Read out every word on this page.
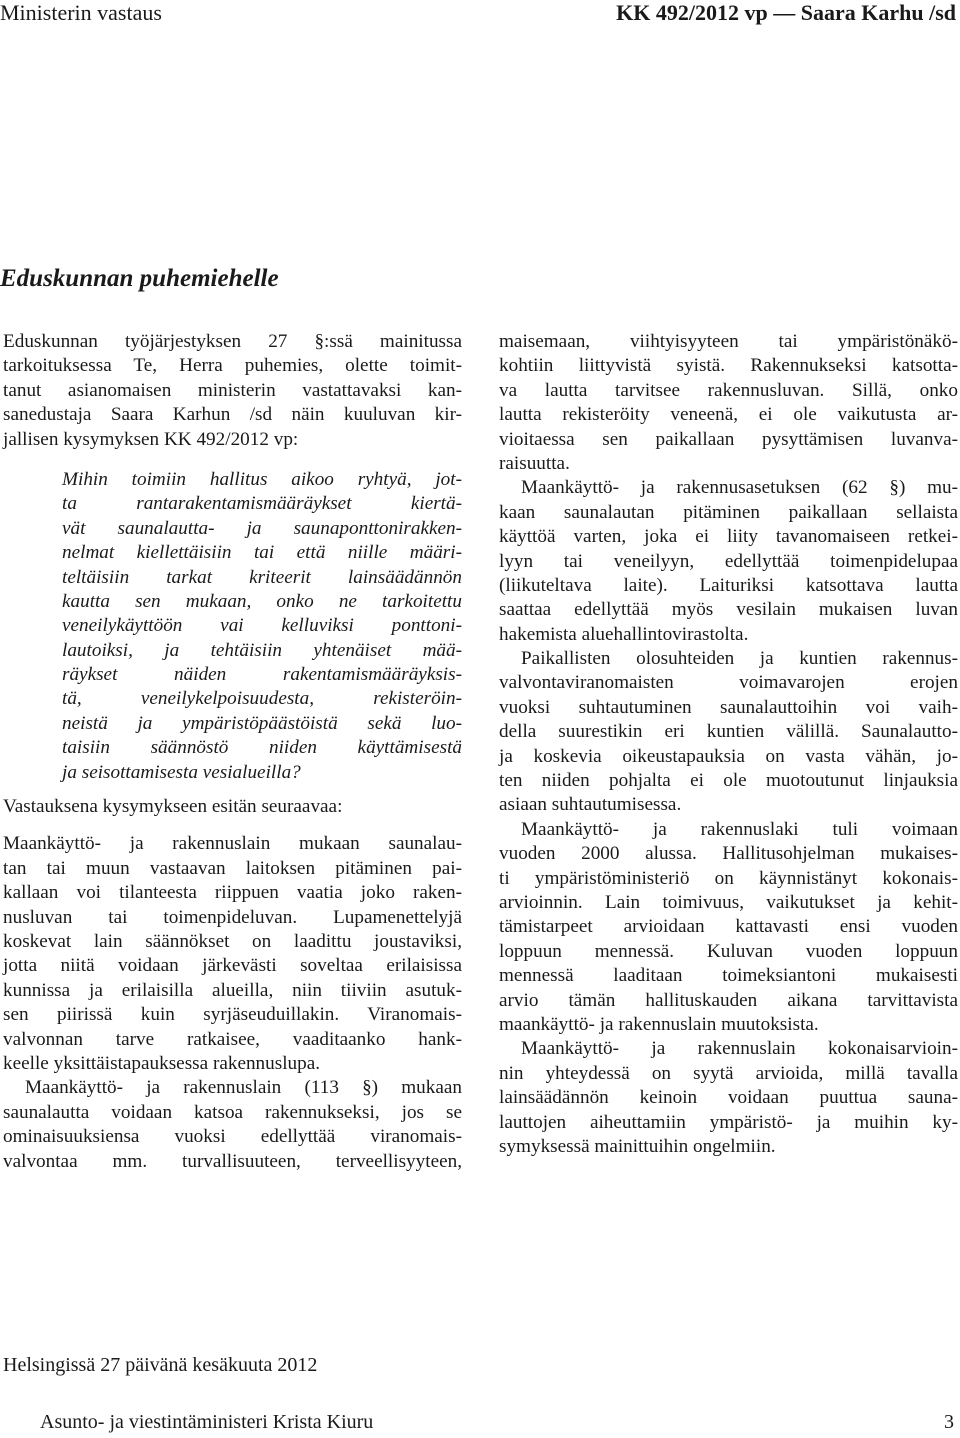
Ministerin vastaus	KK 492/2012 vp — Saara Karhu /sd
Eduskunnan puhemiehelle
Eduskunnan työjärjestyksen 27 §:ssä mainitussa
tarkoituksessa Te, Herra puhemies, olette toimit-
tanut asianomaisen ministerin vastattavaksi kan-
sanedustaja Saara Karhun /sd näin kuuluvan kir-
jallisen kysymyksen KK 492/2012 vp:
Mihin toimiin hallitus aikoo ryhtyä, jot-
ta rantarakentamismääräykset kiertä-
vät saunalautta- ja saunaponttonirakken-
nelmat kiellettäisiin tai että niille määri-
teltäisiin tarkat kriteerit lainsäädännön
kautta sen mukaan, onko ne tarkoitettu
veneilykäyttöön vai kelluviksi ponttoni-
lautoiksi, ja tehtäisiin yhtenäiset mää-
räykset näiden rakentamismääräyksis-
tä, veneilykelpoisuudesta, rekisteröin-
neistä ja ympäristöpäästöistä sekä luo-
taisiin säännöstö niiden käyttämisestä
ja seisottamisesta vesialueilla?
Vastauksena kysymykseen esitän seuraavaa:
Maankäyttö- ja rakennuslain mukaan saunalau-
tan tai muun vastaavan laitoksen pitäminen pai-
kallaan voi tilanteesta riippuen vaatia joko raken-
nusluvan tai toimenpideluvan. Lupamenettelyjä
koskevat lain säännökset on laadittu joustaviksi,
jotta niitä voidaan järkevästi soveltaa erilaisissa
kunnissa ja erilaisilla alueilla, niin tiiviin asutuk-
sen piirissä kuin syrjäseuduillakin. Viranomais-
valvonnan tarve ratkaisee, vaaditaanko hank-
keelle yksittäistapauksessa rakennuslupa.
Maankäyttö- ja rakennuslain (113 §) mukaan
saunalautta voidaan katsoa rakennukseksi, jos se
ominaisuuksiensa vuoksi edellyttää viranomais-
valvontaa mm. turvallisuuteen, terveellisyyteen,
maisemaan, viihtyisyyteen tai ympäristönäkö-
kohtiin liittyvistä syistä. Rakennukseksi katsotta-
va lautta tarvitsee rakennusluvan. Sillä, onko
lautta rekisteröity veneenä, ei ole vaikutusta ar-
vioitaessa sen paikallaan pysyttämisen luvanva-
raisuutta.
Maankäyttö- ja rakennusasetuksen (62 §) mu-
kaan saunalautan pitäminen paikallaan sellaista
käyttöä varten, joka ei liity tavanomaiseen retkei-
lyyn tai veneilyyn, edellyttää toimenpidelupaa
(liikuteltava laite). Laituriksi katsottava lautta
saattaa edellyttää myös vesilain mukaisen luvan
hakemista aluehallintovirastolta.
Paikallisten olosuhteiden ja kuntien rakennus-
valvontaviranomaisten voimavarojen erojen
vuoksi suhtautuminen saunalauttoihin voi vaih-
della suurestikin eri kuntien välillä. Saunalautto-
ja koskevia oikeustapauksia on vasta vähän, jo-
ten niiden pohjalta ei ole muotoutunut linjauksia
asiaan suhtautumisessa.
Maankäyttö- ja rakennuslaki tuli voimaan
vuoden 2000 alussa. Hallitusohjelman mukaises-
ti ympäristöministeriö on käynnistänyt kokonais-
arvioinnin. Lain toimivuus, vaikutukset ja kehit-
tämistarpeet arvioidaan kattavasti ensi vuoden
loppuun mennessä. Kuluvan vuoden loppuun
mennessä laaditaan toimeksiantoni mukaisesti
arvio tämän hallituskauden aikana tarvittavista
maankäyttö- ja rakennuslain muutoksista.
Maankäyttö- ja rakennuslain kokonaisarvioin-
nin yhteydessä on syytä arvioida, millä tavalla
lainsäädännön keinoin voidaan puuttua sauna-
lauttojen aiheuttamiin ympäristö- ja muihin ky-
symyksessä mainittuihin ongelmiin.
Helsingissä 27 päivänä kesäkuuta 2012
Asunto- ja viestintäministeri Krista Kiuru	3
